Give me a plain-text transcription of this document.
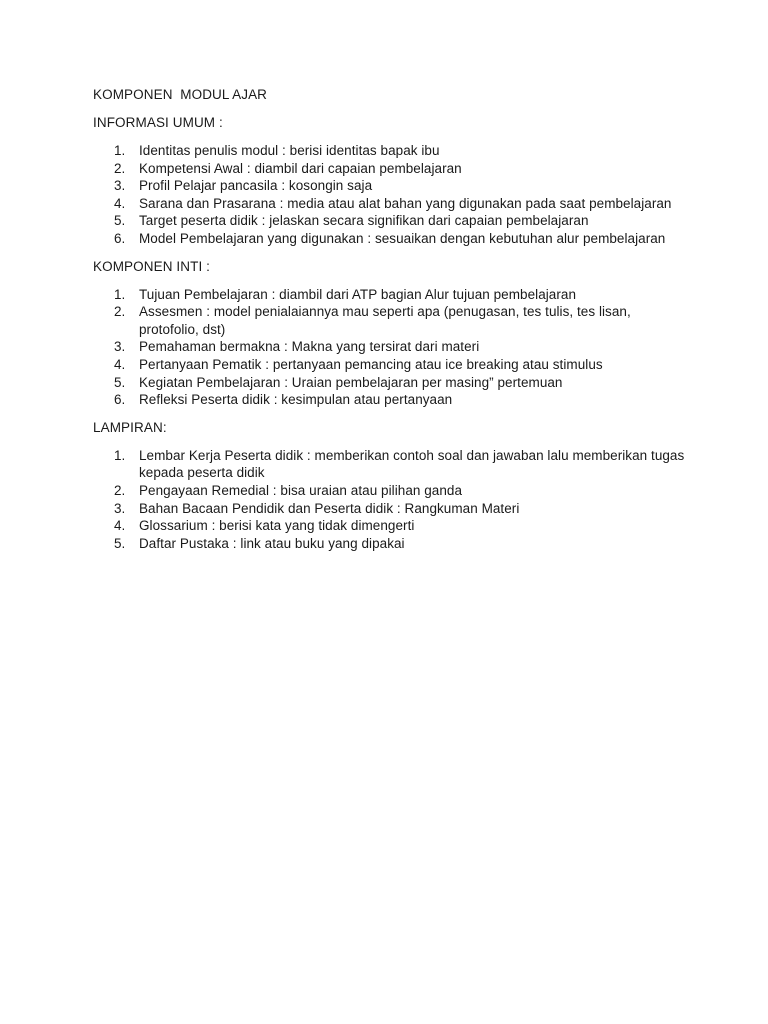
KOMPONEN  MODUL AJAR
INFORMASI UMUM :
1. Identitas penulis modul : berisi identitas bapak ibu
2. Kompetensi Awal : diambil dari capaian pembelajaran
3. Profil Pelajar pancasila : kosongin saja
4. Sarana dan Prasarana : media atau alat bahan yang digunakan pada saat pembelajaran
5. Target peserta didik : jelaskan secara signifikan dari capaian pembelajaran
6. Model Pembelajaran yang digunakan : sesuaikan dengan kebutuhan alur pembelajaran
KOMPONEN INTI :
1. Tujuan Pembelajaran : diambil dari ATP bagian Alur tujuan pembelajaran
2. Assesmen : model penialaiannya mau seperti apa (penugasan, tes tulis, tes lisan, protofolio, dst)
3. Pemahaman bermakna : Makna yang tersirat dari materi
4. Pertanyaan Pematik : pertanyaan pemancing atau ice breaking atau stimulus
5. Kegiatan Pembelajaran : Uraian pembelajaran per masing” pertemuan
6. Refleksi Peserta didik : kesimpulan atau pertanyaan
LAMPIRAN:
1. Lembar Kerja Peserta didik : memberikan contoh soal dan jawaban lalu memberikan tugas kepada peserta didik
2. Pengayaan Remedial : bisa uraian atau pilihan ganda
3. Bahan Bacaan Pendidik dan Peserta didik : Rangkuman Materi
4. Glossarium : berisi kata yang tidak dimengerti
5. Daftar Pustaka : link atau buku yang dipakai
